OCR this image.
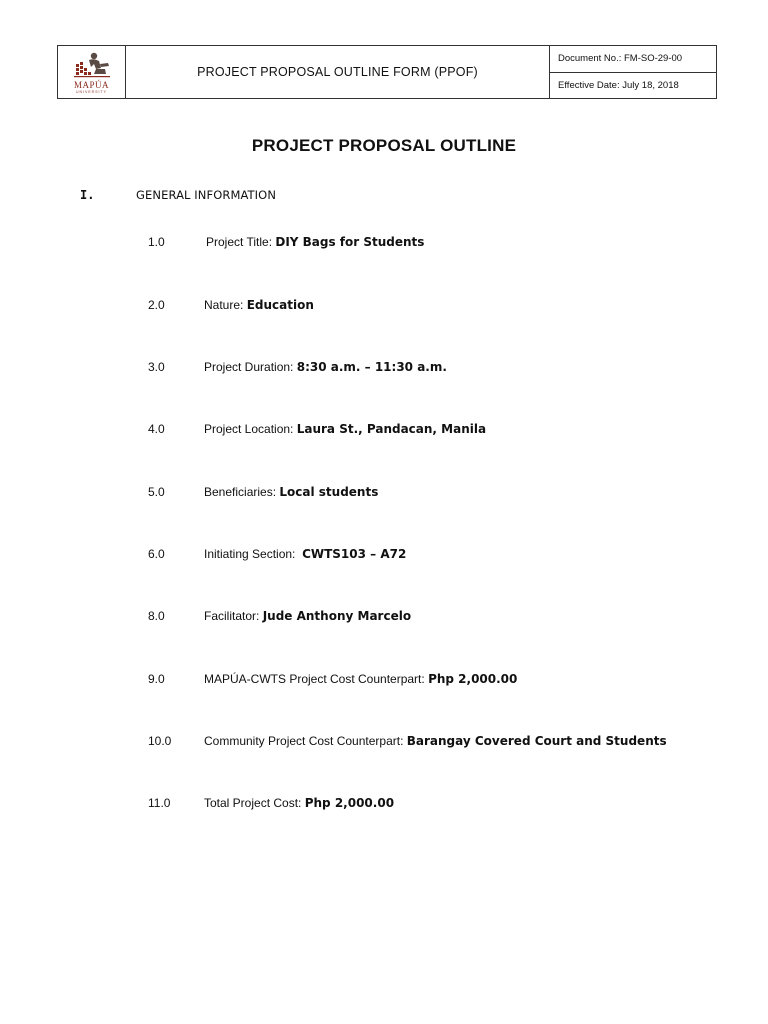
MAPÚA
UNIVERSITY
PROJECT PROPOSAL OUTLINE FORM (PPOF)
Document No.: FM-SO-29-00
Effective Date: July 18, 2018
PROJECT PROPOSAL OUTLINE
I.	GENERAL INFORMATION
1.0	Project Title: DIY Bags for Students
2.0	Nature: Education
3.0	Project Duration: 8:30 a.m. – 11:30 a.m.
4.0	Project Location: Laura St., Pandacan, Manila
5.0	Beneficiaries: Local students
6.0	Initiating Section:  CWTS103 – A72
8.0	Facilitator: Jude Anthony Marcelo
9.0	MAPÚA-CWTS Project Cost Counterpart: Php 2,000.00
10.0	Community Project Cost Counterpart: Barangay Covered Court and Students
11.0	Total Project Cost: Php 2,000.00
